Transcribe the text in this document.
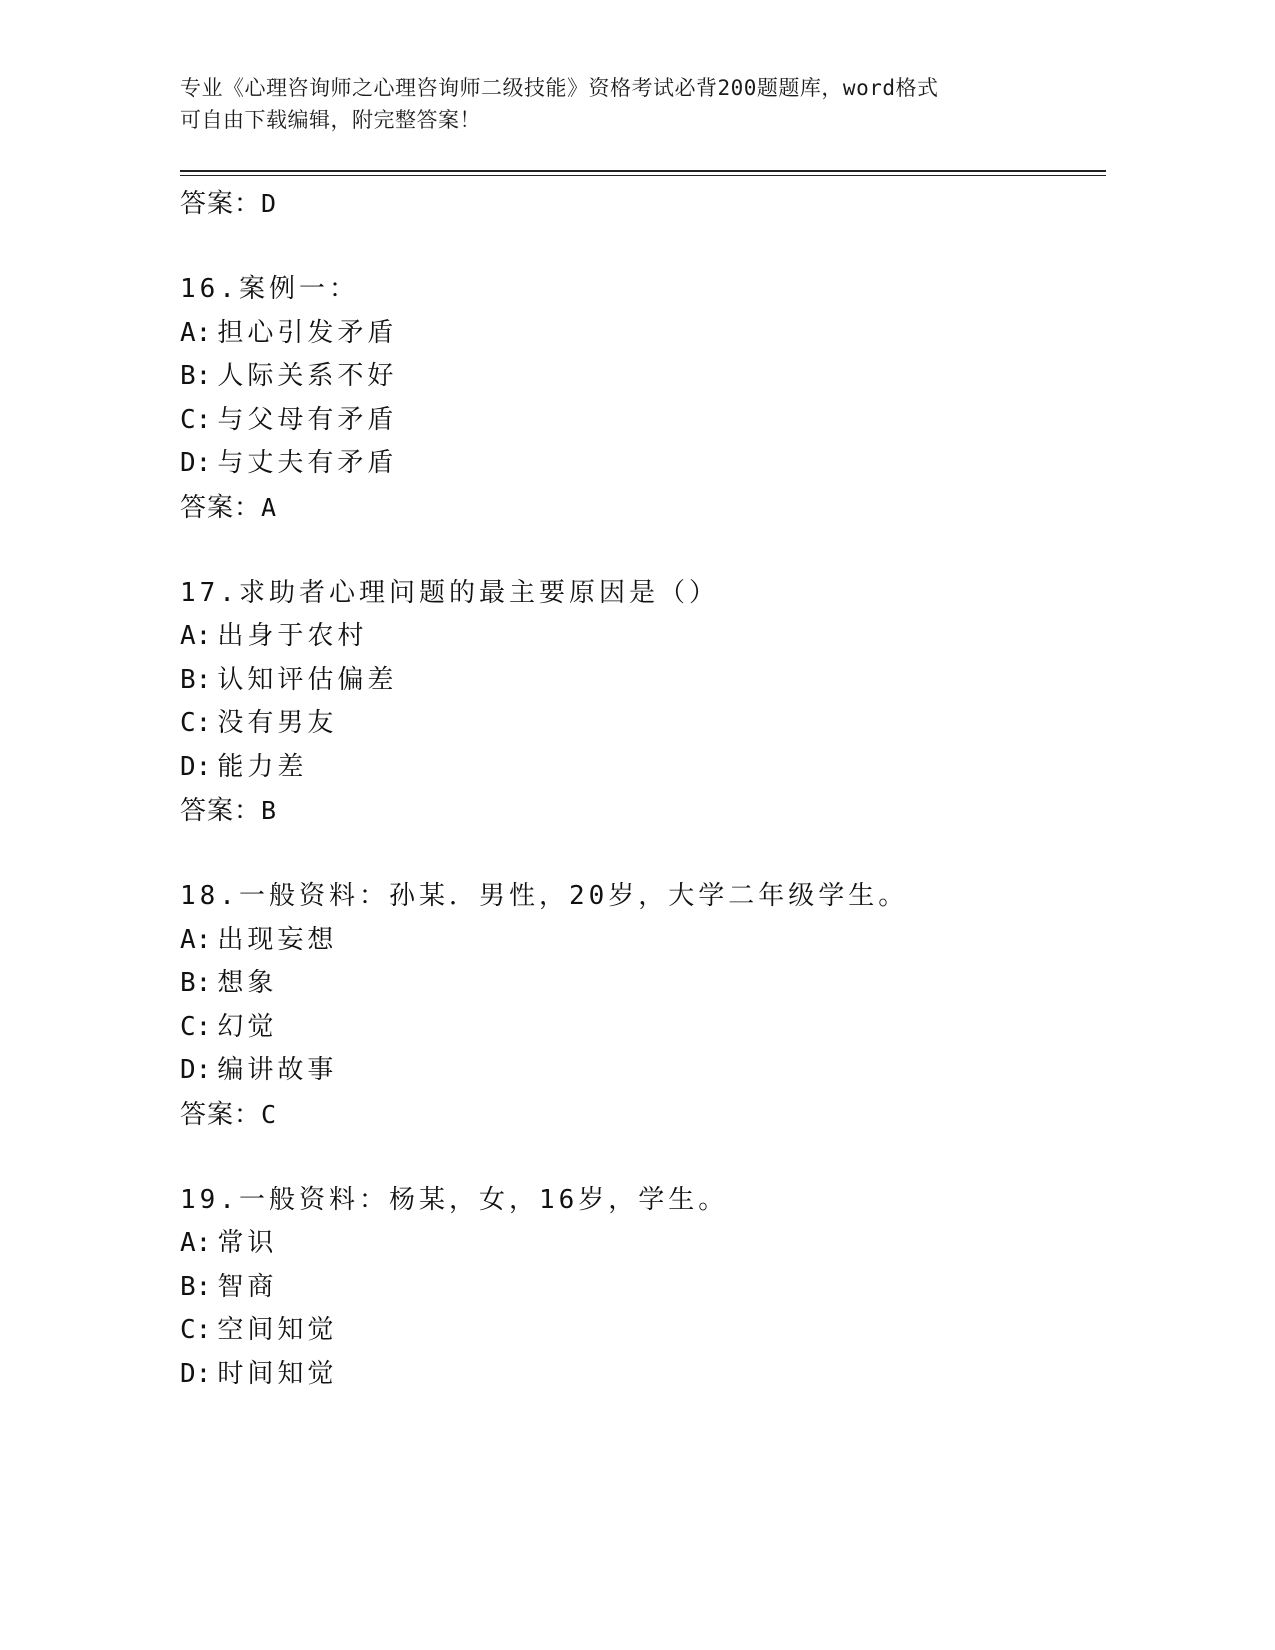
专业《心理咨询师之心理咨询师二级技能》资格考试必背200题题库，word格式
可自由下载编辑，附完整答案！
答案：D
16.案例一：
A: 担心引发矛盾
B: 人际关系不好
C: 与父母有矛盾
D: 与丈夫有矛盾
答案：A
17.求助者心理问题的最主要原因是（）
A: 出身于农村
B: 认知评估偏差
C: 没有男友
D: 能力差
答案：B
18.一般资料：孙某．男性，20岁，大学二年级学生。
A: 出现妄想
B: 想象
C: 幻觉
D: 编讲故事
答案：C
19.一般资料：杨某，女，16岁，学生。
A: 常识
B: 智商
C: 空间知觉
D: 时间知觉
